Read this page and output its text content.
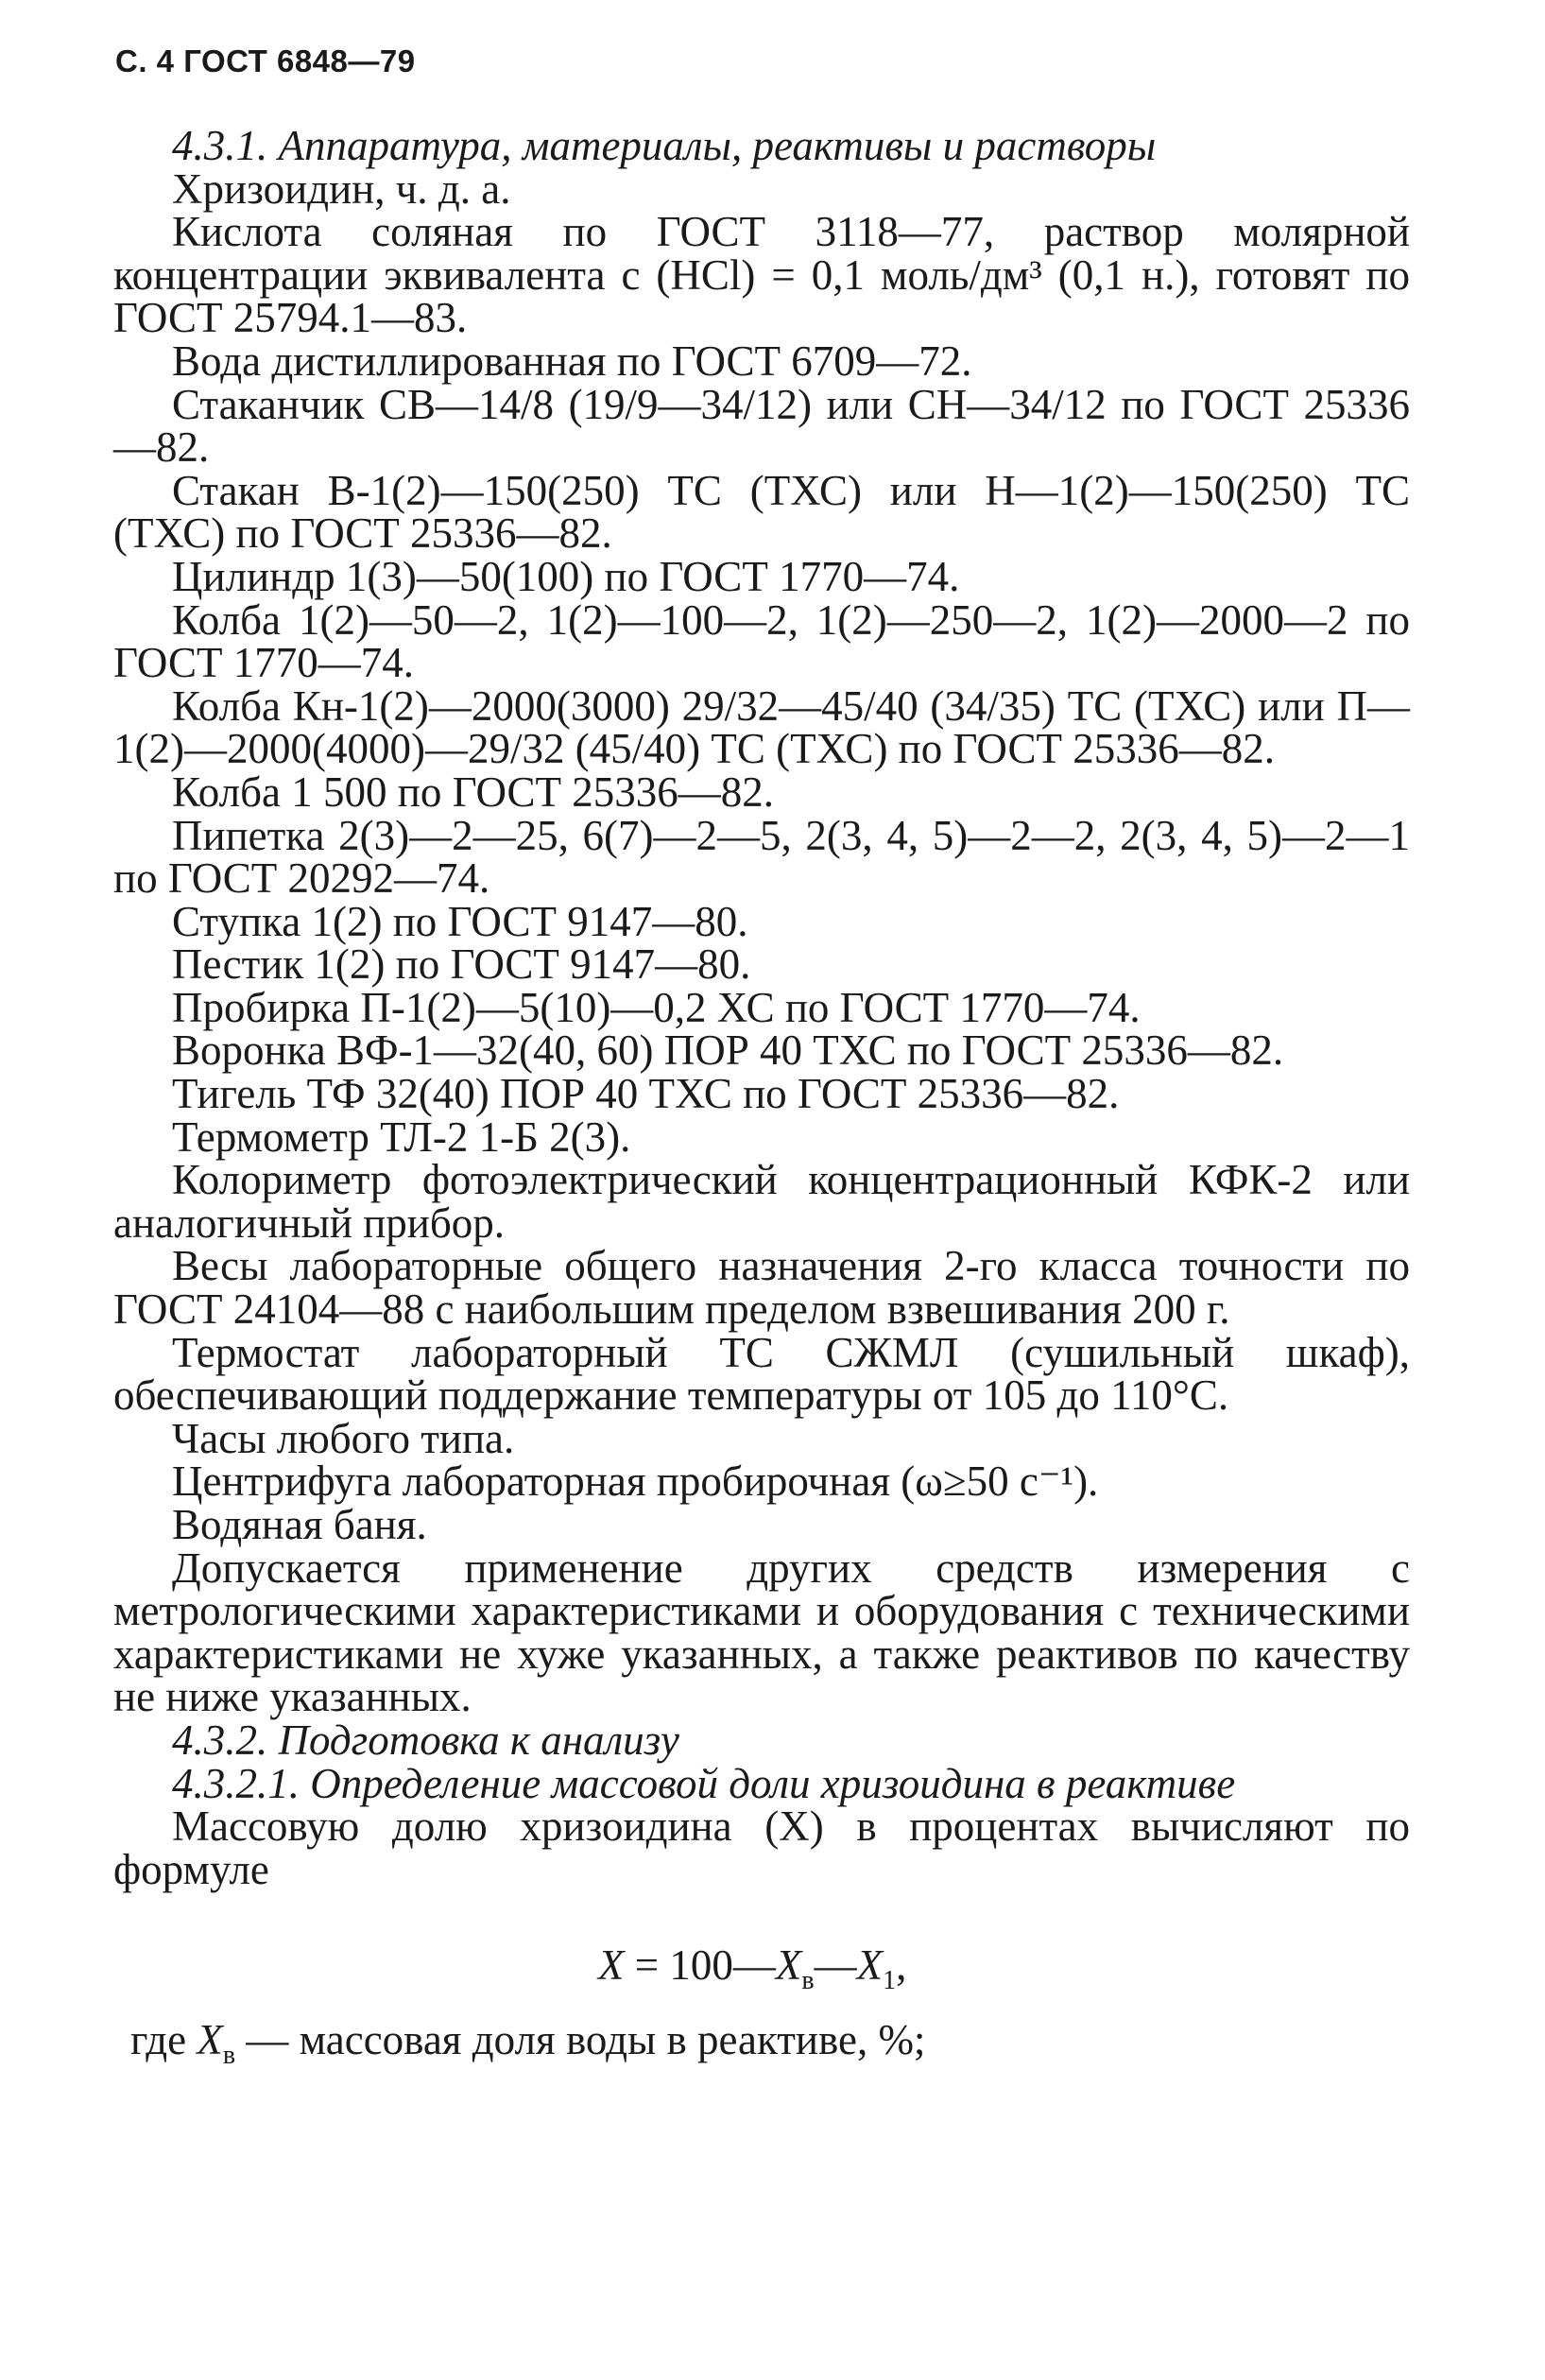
С. 4 ГОСТ 6848—79

4.3.1. Аппаратура, материалы, реактивы и растворы

Хризоидин, ч. д. а.

Кислота соляная по ГОСТ 3118—77, раствор молярной концентрации эквивалента с (HCl) = 0,1 моль/дм³ (0,1 н.), готовят по ГОСТ 25794.1—83.

Вода дистиллированная по ГОСТ 6709—72.

Стаканчик СВ—14/8 (19/9—34/12) или СН—34/12 по ГОСТ 25336—82.

Стакан В-1(2)—150(250) ТС (ТХС) или Н—1(2)—150(250) ТС (ТХС) по ГОСТ 25336—82.

Цилиндр 1(3)—50(100) по ГОСТ 1770—74.

Колба 1(2)—50—2, 1(2)—100—2, 1(2)—250—2, 1(2)—2000—2 по ГОСТ 1770—74.

Колба Кн-1(2)—2000(3000) 29/32—45/40 (34/35) ТС (ТХС) или П—1(2)—2000(4000)—29/32 (45/40) ТС (ТХС) по ГОСТ 25336—82.

Колба 1 500 по ГОСТ 25336—82.

Пипетка 2(3)—2—25, 6(7)—2—5, 2(3, 4, 5)—2—2, 2(3, 4, 5)—2—1 по ГОСТ 20292—74.

Ступка 1(2) по ГОСТ 9147—80.

Пестик 1(2) по ГОСТ 9147—80.

Пробирка П-1(2)—5(10)—0,2 ХС по ГОСТ 1770—74.

Воронка ВФ-1—32(40, 60) ПОР 40 ТХС по ГОСТ 25336—82.

Тигель ТФ 32(40) ПОР 40 ТХС по ГОСТ 25336—82.

Термометр ТЛ-2 1-Б 2(3).

Колориметр фотоэлектрический концентрационный КФК-2 или аналогичный прибор.

Весы лабораторные общего назначения 2-го класса точности по ГОСТ 24104—88 с наибольшим пределом взвешивания 200 г.

Термостат лабораторный ТС СЖМЛ (сушильный шкаф), обеспечивающий поддержание температуры от 105 до 110°С.

Часы любого типа.

Центрифуга лабораторная пробирочная (ω≥50 с⁻¹).

Водяная баня.

Допускается применение других средств измерения с метрологическими характеристиками и оборудования с техническими характеристиками не хуже указанных, а также реактивов по качеству не ниже указанных.

4.3.2. Подготовка к анализу

4.3.2.1. Определение массовой доли хризоидина в реактиве

Массовую долю хризоидина (X) в процентах вычисляют по формуле

$X = 100—X_в—X_1$,
где $X_в$ — массовая доля воды в реактиве, %;
